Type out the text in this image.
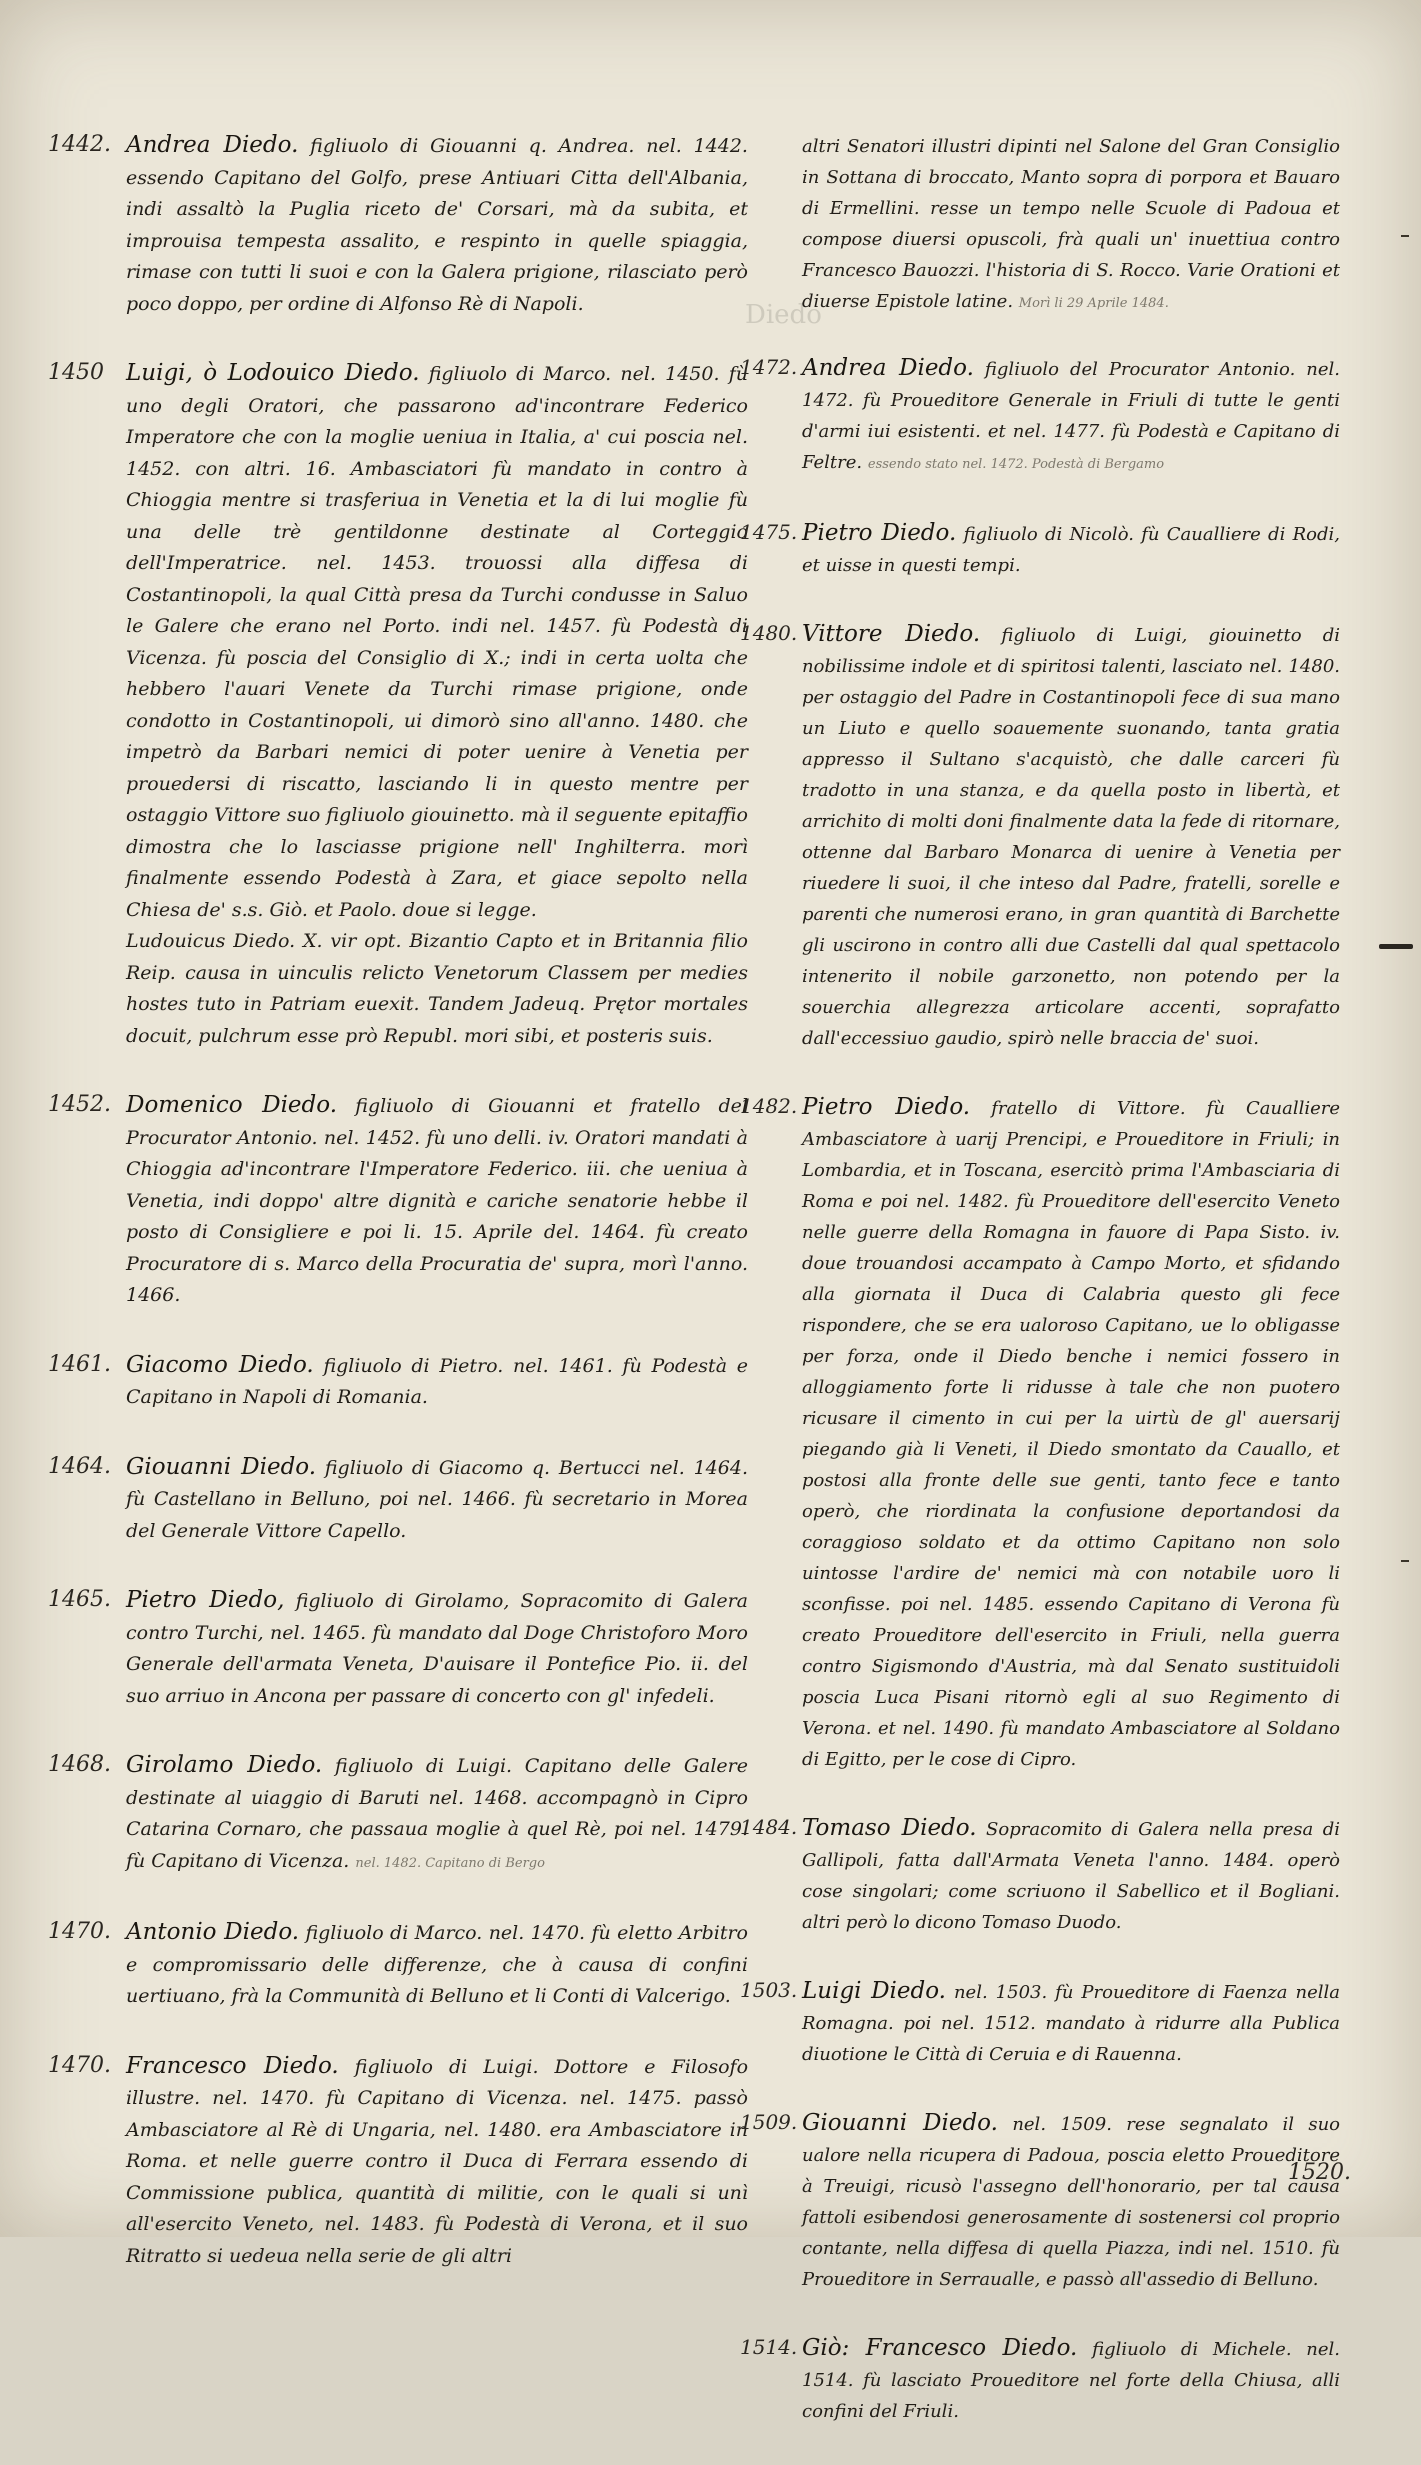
Diedo
1442. Andrea Diedo. figliuolo di Giouanni q. Andrea. nel. 1442. essendo Capitano del Golfo, prese Antiuari Citta dell'Albania, indi assaltò la Puglia riceto de' Corsari, mà da subita, et improuisa tempesta assalito, e respinto in quelle spiaggia, rimase con tutti li suoi e con la Galera prigione, rilasciato però poco doppo, per ordine di Alfonso Rè di Napoli.
1450 Luigi, ò Lodouico Diedo. figliuolo di Marco. nel. 1450. fù uno degli Oratori, che passarono ad'incontrare Federico Imperatore che con la moglie ueniua in Italia, a' cui poscia nel. 1452. con altri. 16. Ambasciatori fù mandato in contro à Chioggia mentre si trasferiua in Venetia et la di lui moglie fù una delle trè gentildonne destinate al Corteggio dell'Imperatrice. nel. 1453. trouossi alla diffesa di Costantinopoli, la qual Città presa da Turchi condusse in Saluo le Galere che erano nel Porto. indi nel. 1457. fù Podestà di Vicenza. fù poscia del Consiglio di X.; indi in certa uolta che hebbero l'auari Venete da Turchi rimase prigione, onde condotto in Costantinopoli, ui dimorò sino all'anno. 1480. che impetrò da Barbari nemici di poter uenire à Venetia per prouedersi di riscatto, lasciando li in questo mentre per ostaggio Vittore suo figliuolo giouinetto. mà il seguente epitaffio dimostra che lo lasciasse prigione nell' Inghilterra. morì finalmente essendo Podestà à Zara, et giace sepolto nella Chiesa de' s.s. Giò. et Paolo. doue si legge.
Ludouicus Diedo. X. vir opt. Bizantio Capto et in Britannia filio Reip. causa in uinculis relicto Venetorum Classem per medies hostes tuto in Patriam euexit. Tandem Jadeuq. Prętor mortales docuit, pulchrum esse prò Republ. mori sibi, et posteris suis.
1452. Domenico Diedo. figliuolo di Giouanni et fratello del Procurator Antonio. nel. 1452. fù uno delli. iv. Oratori mandati à Chioggia ad'incontrare l'Imperatore Federico. iii. che ueniua à Venetia, indi doppo' altre dignità e cariche senatorie hebbe il posto di Consigliere e poi li. 15. Aprile del. 1464. fù creato Procuratore di s. Marco della Procuratia de' supra, morì l'anno. 1466.
1461. Giacomo Diedo. figliuolo di Pietro. nel. 1461. fù Podestà e Capitano in Napoli di Romania.
1464. Giouanni Diedo. figliuolo di Giacomo q. Bertucci nel. 1464. fù Castellano in Belluno, poi nel. 1466. fù secretario in Morea del Generale Vittore Capello.
1465. Pietro Diedo, figliuolo di Girolamo, Sopracomito di Galera contro Turchi, nel. 1465. fù mandato dal Doge Christoforo Moro Generale dell'armata Veneta, D'auisare il Pontefice Pio. ii. del suo arriuo in Ancona per passare di concerto con gl' infedeli.
1468. Girolamo Diedo. figliuolo di Luigi. Capitano delle Galere destinate al uiaggio di Baruti nel. 1468. accompagnò in Cipro Catarina Cornaro, che passaua moglie à quel Rè, poi nel. 1479. fù Capitano di Vicenza. nel. 1482. Capitano di Bergo
1470. Antonio Diedo. figliuolo di Marco. nel. 1470. fù eletto Arbitro e compromissario delle differenze, che à causa di confini uertiuano, frà la Communità di Belluno et li Conti di Valcerigo.
1470. Francesco Diedo. figliuolo di Luigi. Dottore e Filosofo illustre. nel. 1470. fù Capitano di Vicenza. nel. 1475. passò Ambasciatore al Rè di Ungaria, nel. 1480. era Ambasciatore in Roma. et nelle guerre contro il Duca di Ferrara essendo di Commissione publica, quantità di militie, con le quali si unì all'esercito Veneto, nel. 1483. fù Podestà di Verona, et il suo Ritratto si uedeua nella serie de gli altri
altri Senatori illustri dipinti nel Salone del Gran Consiglio in Sottana di broccato, Manto sopra di porpora et Bauaro di Ermellini. resse un tempo nelle Scuole di Padoua et compose diuersi opuscoli, frà quali un' inuettiua contro Francesco Bauozzi. l'historia di S. Rocco. Varie Orationi et diuerse Epistole latine. Morì li 29 Aprile 1484.
1472. Andrea Diedo. figliuolo del Procurator Antonio. nel. 1472. fù Proueditore Generale in Friuli di tutte le genti d'armi iui esistenti. et nel. 1477. fù Podestà e Capitano di Feltre. essendo stato nel. 1472. Podestà di Bergamo
1475. Pietro Diedo. figliuolo di Nicolò. fù Caualliere di Rodi, et uisse in questi tempi.
1480. Vittore Diedo. figliuolo di Luigi, giouinetto di nobilissime indole et di spiritosi talenti, lasciato nel. 1480. per ostaggio del Padre in Costantinopoli fece di sua mano un Liuto e quello soauemente suonando, tanta gratia appresso il Sultano s'acquistò, che dalle carceri fù tradotto in una stanza, e da quella posto in libertà, et arrichito di molti doni finalmente data la fede di ritornare, ottenne dal Barbaro Monarca di uenire à Venetia per riuedere li suoi, il che inteso dal Padre, fratelli, sorelle e parenti che numerosi erano, in gran quantità di Barchette gli uscirono in contro alli due Castelli dal qual spettacolo intenerito il nobile garzonetto, non potendo per la souerchia allegrezza articolare accenti, soprafatto dall'eccessiuo gaudio, spirò nelle braccia de' suoi.
1482. Pietro Diedo. fratello di Vittore. fù Caualliere Ambasciatore à uarij Prencipi, e Proueditore in Friuli; in Lombardia, et in Toscana, esercitò prima l'Ambasciaria di Roma e poi nel. 1482. fù Proueditore dell'esercito Veneto nelle guerre della Romagna in fauore di Papa Sisto. iv. doue trouandosi accampato à Campo Morto, et sfidando alla giornata il Duca di Calabria questo gli fece rispondere, che se era ualoroso Capitano, ue lo obligasse per forza, onde il Diedo benche i nemici fossero in alloggiamento forte li ridusse à tale che non puotero ricusare il cimento in cui per la uirtù de gl' auersarij piegando già li Veneti, il Diedo smontato da Cauallo, et postosi alla fronte delle sue genti, tanto fece e tanto operò, che riordinata la confusione deportandosi da coraggioso soldato et da ottimo Capitano non solo uintosse l'ardire de' nemici mà con notabile uoro li sconfisse. poi nel. 1485. essendo Capitano di Verona fù creato Proueditore dell'esercito in Friuli, nella guerra contro Sigismondo d'Austria, mà dal Senato sustituidoli poscia Luca Pisani ritornò egli al suo Regimento di Verona. et nel. 1490. fù mandato Ambasciatore al Soldano di Egitto, per le cose di Cipro.
1484. Tomaso Diedo. Sopracomito di Galera nella presa di Gallipoli, fatta dall'Armata Veneta l'anno. 1484. operò cose singolari; come scriuono il Sabellico et il Bogliani. altri però lo dicono Tomaso Duodo.
1503. Luigi Diedo. nel. 1503. fù Proueditore di Faenza nella Romagna. poi nel. 1512. mandato à ridurre alla Publica diuotione le Città di Ceruia e di Rauenna.
1509. Giouanni Diedo. nel. 1509. rese segnalato il suo ualore nella ricupera di Padoua, poscia eletto Proueditore à Treuigi, ricusò l'assegno dell'honorario, per tal causa fattoli esibendosi generosamente di sostenersi col proprio contante, nella diffesa di quella Piazza, indi nel. 1510. fù Proueditore in Serraualle, e passò all'assedio di Belluno.
1514. Giò: Francesco Diedo. figliuolo di Michele. nel. 1514. fù lasciato Proueditore nel forte della Chiusa, alli confini del Friuli.
1520.
